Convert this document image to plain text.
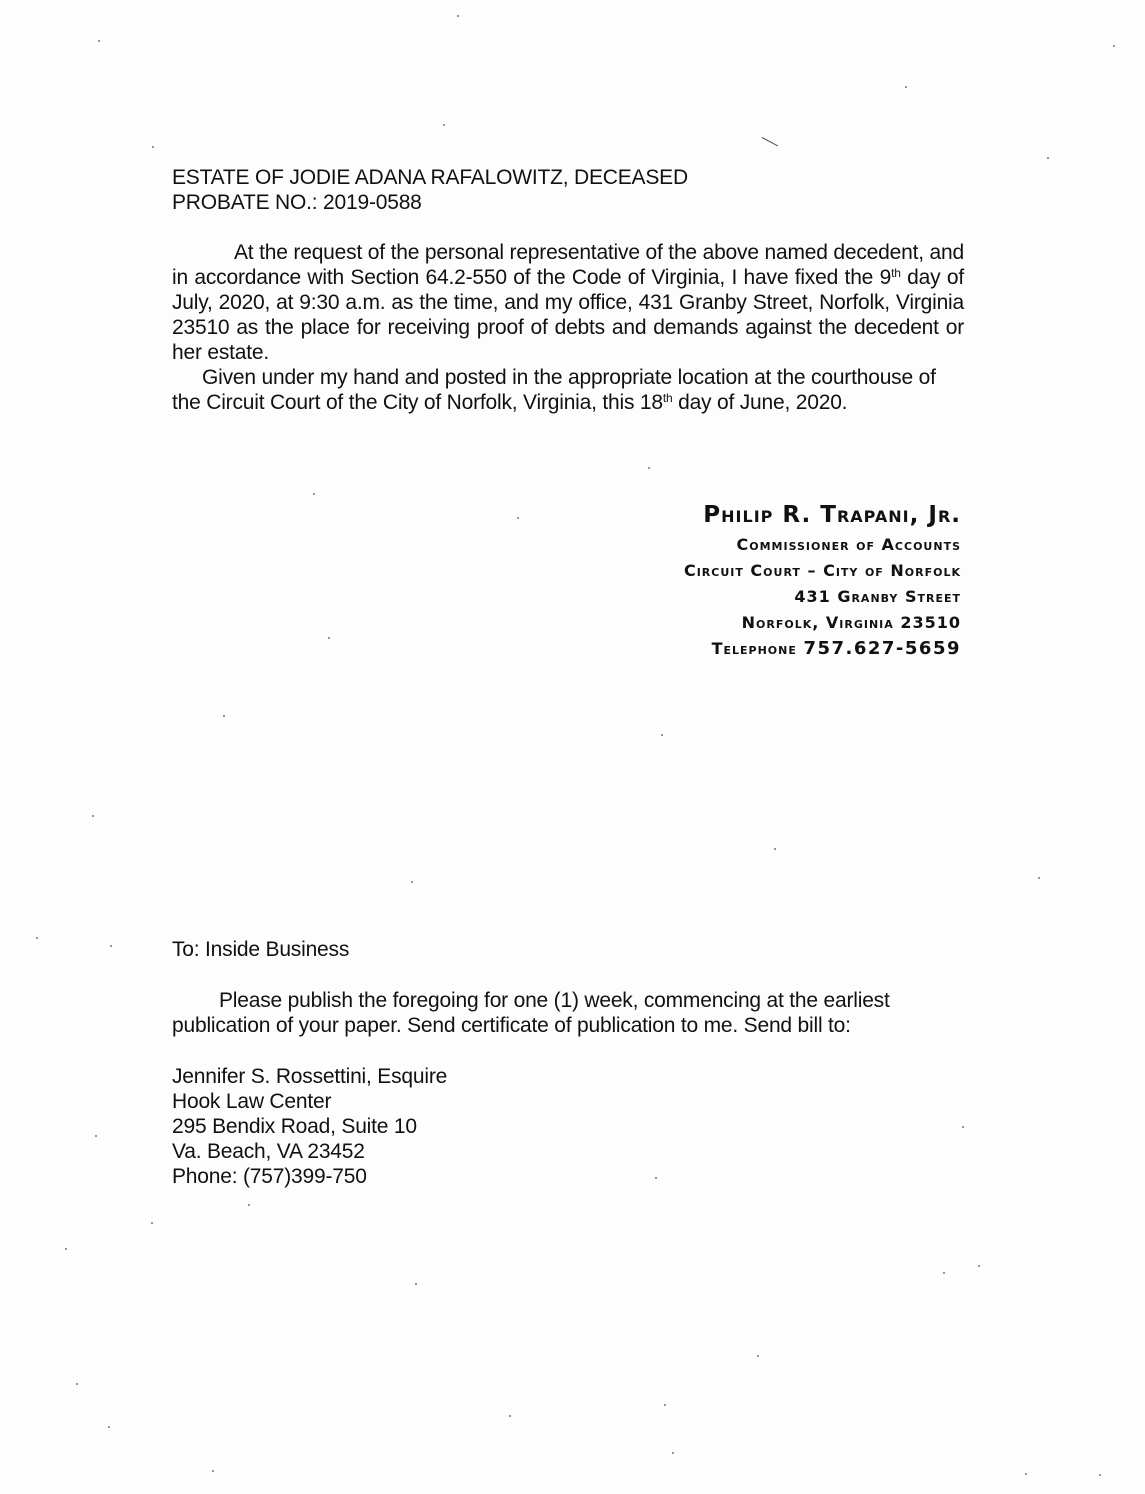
ESTATE OF JODIE ADANA RAFALOWITZ, DECEASED
PROBATE NO.: 2019-0588

At the request of the personal representative of the above named decedent, and in accordance with Section 64.2-550 of the Code of Virginia, I have fixed the 9th day of July, 2020, at 9:30 a.m. as the time, and my office, 431 Granby Street, Norfolk, Virginia 23510 as the place for receiving proof of debts and demands against the decedent or her estate.

Given under my hand and posted in the appropriate location at the courthouse of the Circuit Court of the City of Norfolk, Virginia, this 18th day of June, 2020.

Philip R. Trapani, Jr.
Commissioner of Accounts
Circuit Court – City of Norfolk
431 Granby Street
Norfolk, Virginia 23510
Telephone 757.627-5659
To: Inside Business
Please publish the foregoing for one (1) week, commencing at the earliest publication of your paper. Send certificate of publication to me. Send bill to:
Jennifer S. Rossettini, Esquire
Hook Law Center
295 Bendix Road, Suite 10
Va. Beach, VA 23452
Phone: (757)399-750
